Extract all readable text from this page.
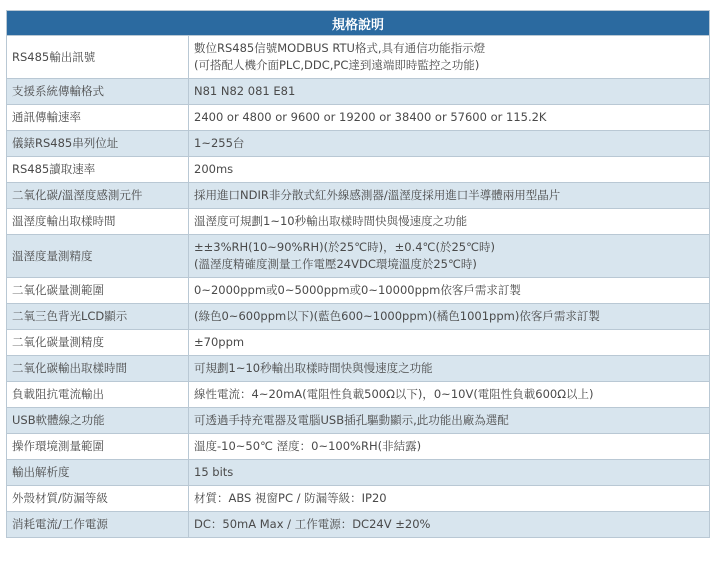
規格說明	
RS485輸出訊號	數位RS485信號MODBUS RTU格式,具有通信功能指示燈
(可搭配人機介面PLC,DDC,PC達到遠端即時監控之功能)

支援系統傳輸格式	N81 N82 081 E81

通訊傳輸速率	2400 or 4800 or 9600 or 19200 or 38400 or 57600 or 115.2K

儀錶RS485串列位址	1~255台

RS485讀取速率	200ms

二氧化碳/溫溼度感測元件	採用進口NDIR非分散式紅外線感測器/溫溼度採用進口半導體兩用型晶片

溫溼度輸出取樣時間	溫溼度可規劃1~10秒輸出取樣時間快與慢速度之功能

溫溼度量測精度	±±3%RH(10~90%RH)(於25℃時)，±0.4℃(於25℃時)
(溫溼度精確度測量工作電壓24VDC環境溫度於25℃時)

二氧化碳量測範圍	0~2000ppm或0~5000ppm或0~10000ppm依客戶需求訂製

二氧三色背光LCD顯示	(綠色0~600ppm以下)(藍色600~1000ppm)(橘色1001ppm)依客戶需求訂製

二氧化碳量測精度	±70ppm

二氧化碳輸出取樣時間	可規劃1~10秒輸出取樣時間快與慢速度之功能

負載阻抗電流輸出	線性電流：4~20mA(電阻性負載500Ω以下)，0~10V(電阻性負載600Ω以上)

USB軟體線之功能	可透過手持充電器及電腦USB插孔驅動顯示,此功能出廠為選配

操作環境測量範圍	溫度-10~50℃ 溼度：0~100%RH(非結露)

輸出解析度	15 bits

外殼材質/防漏等級	材質：ABS 視窗PC / 防漏等級：IP20

消耗電流/工作電源	DC：50mA Max / 工作電源：DC24V ±20%
